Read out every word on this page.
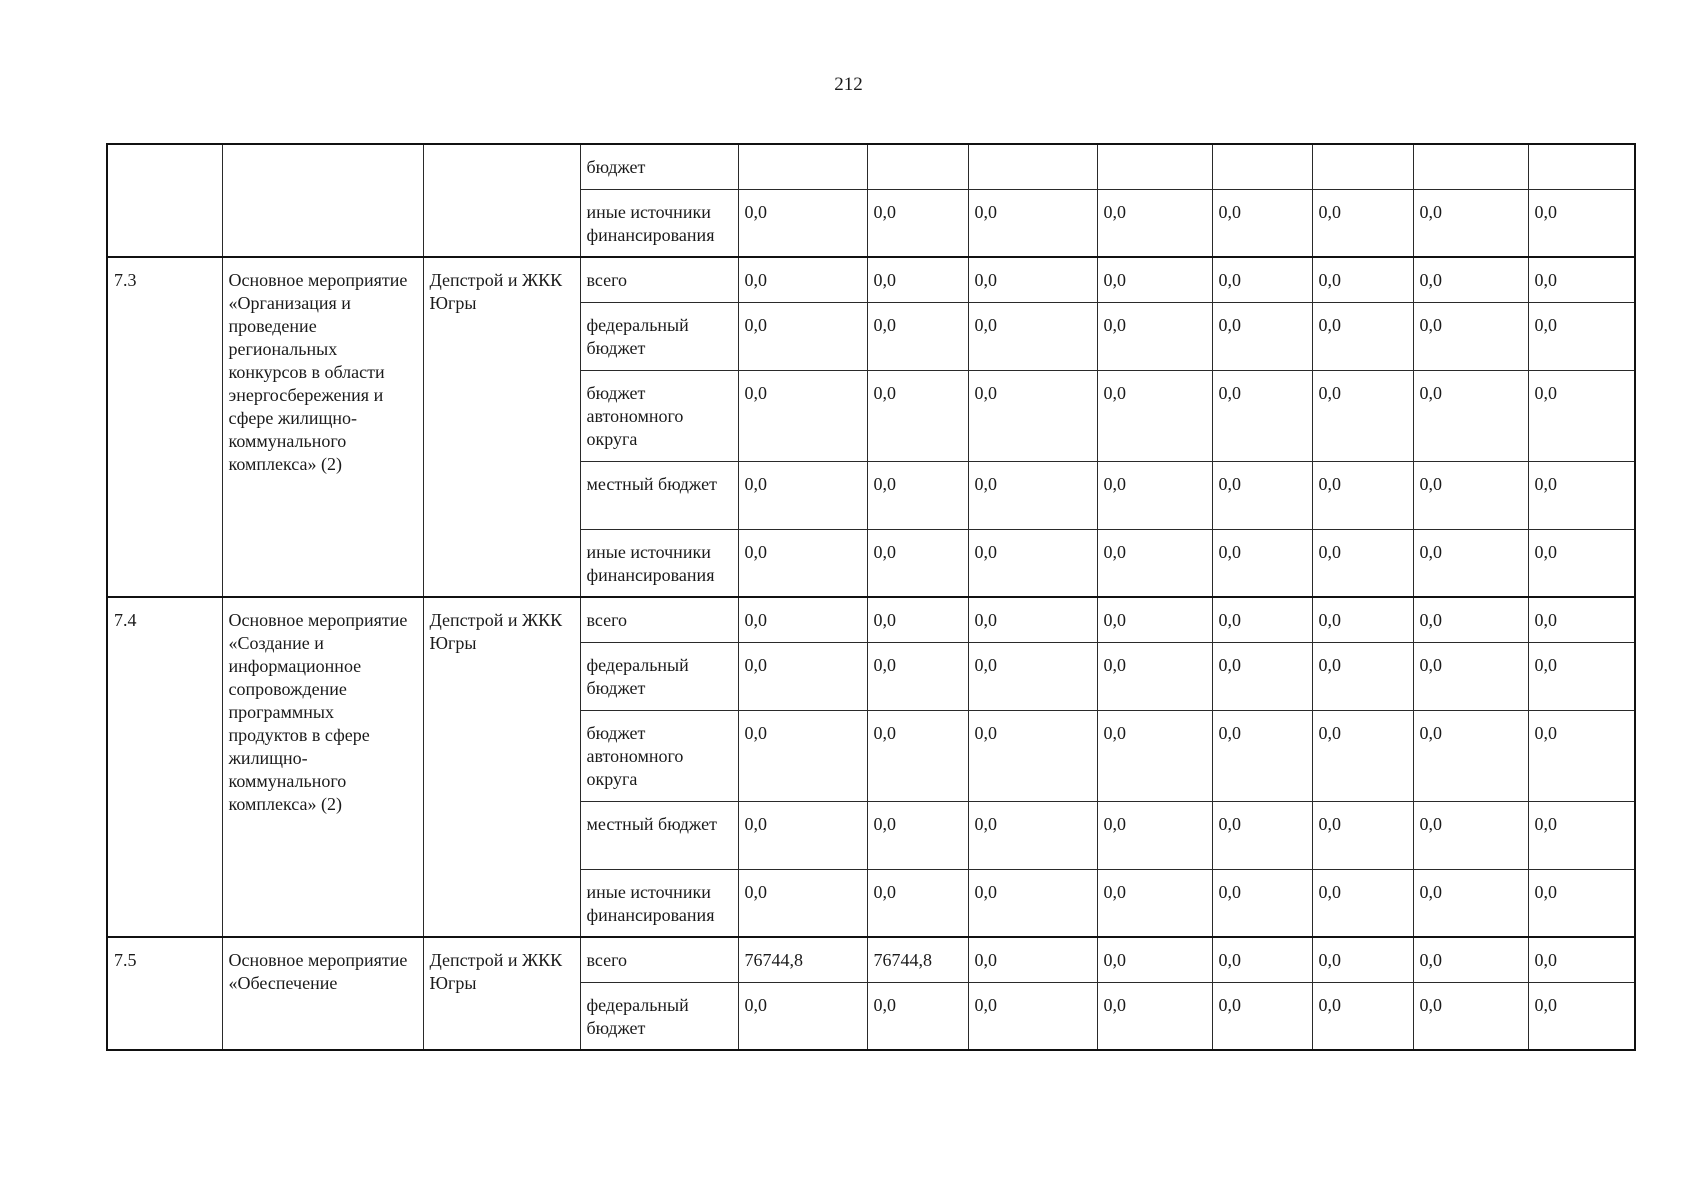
212
			бюджет								
			иные источники финансирования	0,0	0,0	0,0	0,0	0,0	0,0	0,0	0,0
7.3	Основное мероприятие «Организация и проведение региональных конкурсов в области энергосбережения и сфере жилищно-коммунального комплекса» (2)	Депстрой и ЖКК Югры	всего	0,0	0,0	0,0	0,0	0,0	0,0	0,0	0,0
			федеральный бюджет	0,0	0,0	0,0	0,0	0,0	0,0	0,0	0,0
			бюджет автономного округа	0,0	0,0	0,0	0,0	0,0	0,0	0,0	0,0
			местный бюджет	0,0	0,0	0,0	0,0	0,0	0,0	0,0	0,0
			иные источники финансирования	0,0	0,0	0,0	0,0	0,0	0,0	0,0	0,0
7.4	Основное мероприятие «Создание и информационное сопровождение программных продуктов в сфере жилищно-коммунального комплекса» (2)	Депстрой и ЖКК Югры	всего	0,0	0,0	0,0	0,0	0,0	0,0	0,0	0,0
			федеральный бюджет	0,0	0,0	0,0	0,0	0,0	0,0	0,0	0,0
			бюджет автономного округа	0,0	0,0	0,0	0,0	0,0	0,0	0,0	0,0
			местный бюджет	0,0	0,0	0,0	0,0	0,0	0,0	0,0	0,0
			иные источники финансирования	0,0	0,0	0,0	0,0	0,0	0,0	0,0	0,0
7.5	Основное мероприятие «Обеспечение	Депстрой и ЖКК Югры	всего	76744,8	76744,8	0,0	0,0	0,0	0,0	0,0	0,0
			федеральный бюджет	0,0	0,0	0,0	0,0	0,0	0,0	0,0	0,0
